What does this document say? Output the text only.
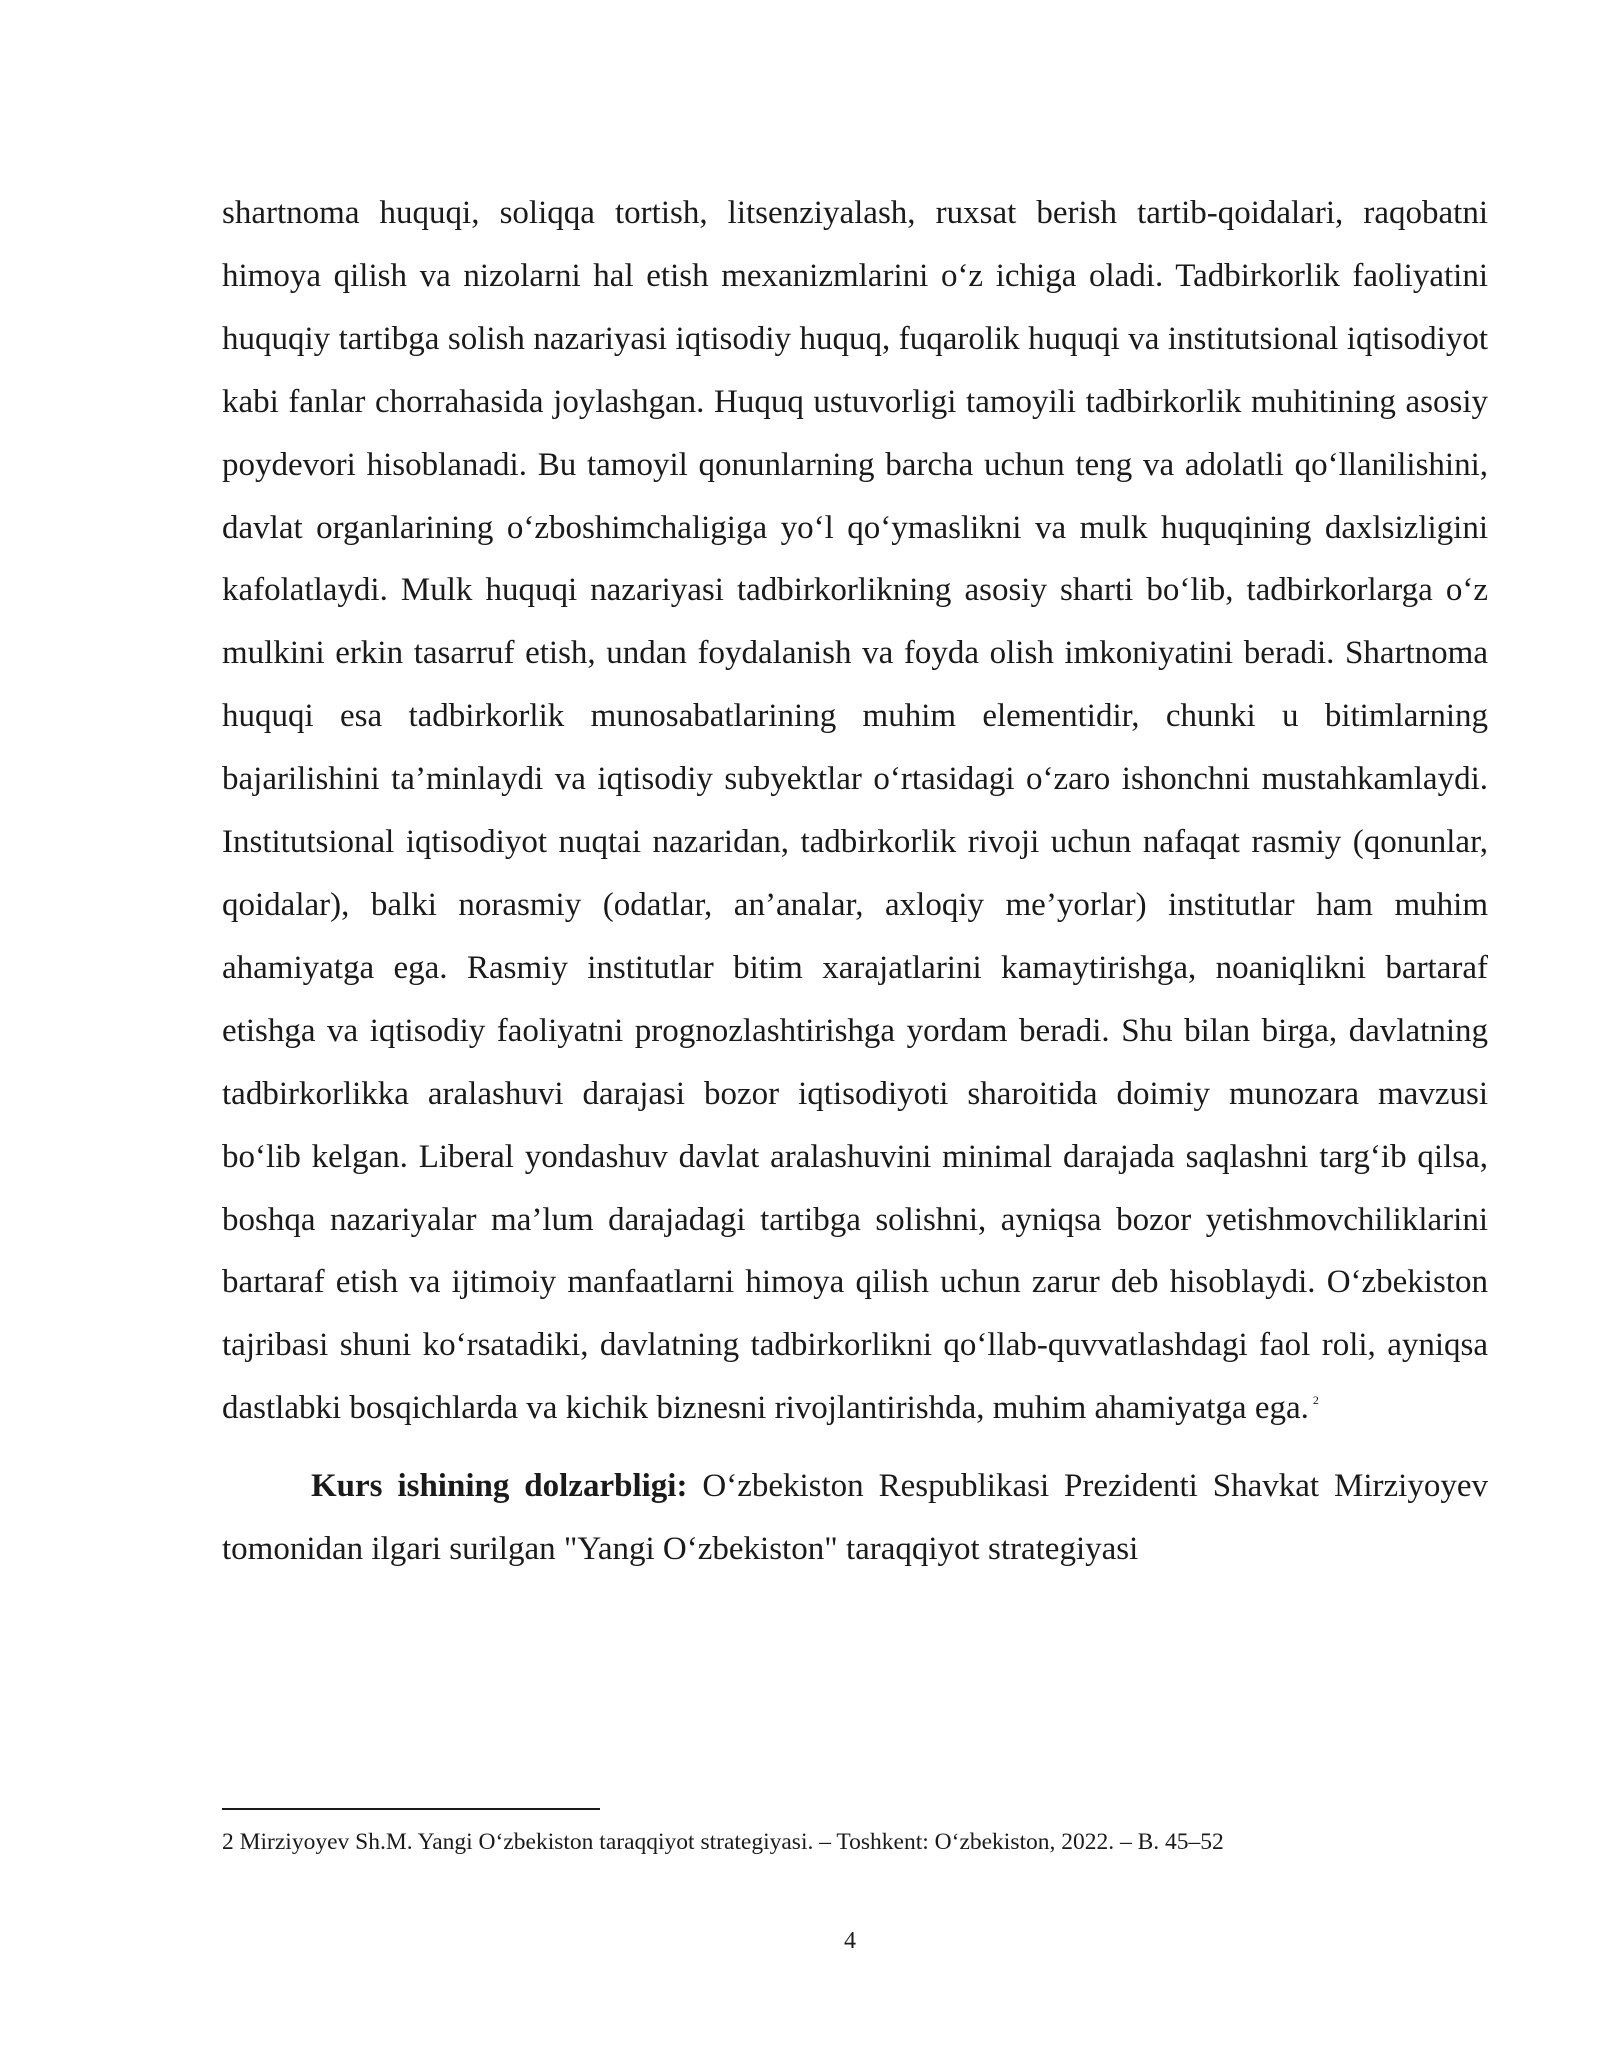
shartnoma huquqi, soliqqa tortish, litsenziyalash, ruxsat berish tartib-qoidalari, raqobatni himoya qilish va nizolarni hal etish mexanizmlarini oʻz ichiga oladi. Tadbirkorlik faoliyatini huquqiy tartibga solish nazariyasi iqtisodiy huquq, fuqarolik huquqi va institutsional iqtisodiyot kabi fanlar chorrahasida joylashgan. Huquq ustuvorligi tamoyili tadbirkorlik muhitining asosiy poydevori hisoblanadi. Bu tamoyil qonunlarning barcha uchun teng va adolatli qoʻllanilishini, davlat organlarining oʻzboshimchaligiga yoʻl qoʻymaslikni va mulk huquqining daxlsizligini kafolatlaydi. Mulk huquqi nazariyasi tadbirkorlikning asosiy sharti boʻlib, tadbirkorlarga oʻz mulkini erkin tasarruf etish, undan foydalanish va foyda olish imkoniyatini beradi. Shartnoma huquqi esa tadbirkorlik munosabatlarining muhim elementidir, chunki u bitimlarning bajarilishini ta’minlaydi va iqtisodiy subyektlar oʻrtasidagi oʻzaro ishonchni mustahkamlaydi. Institutsional iqtisodiyot nuqtai nazaridan, tadbirkorlik rivoji uchun nafaqat rasmiy (qonunlar, qoidalar), balki norasmiy (odatlar, an’analar, axloqiy me’yorlar) institutlar ham muhim ahamiyatga ega. Rasmiy institutlar bitim xarajatlarini kamaytirishga, noaniqlikni bartaraf etishga va iqtisodiy faoliyatni prognozlashtirishga yordam beradi. Shu bilan birga, davlatning tadbirkorlikka aralashuvi darajasi bozor iqtisodiyoti sharoitida doimiy munozara mavzusi boʻlib kelgan. Liberal yondashuv davlat aralashuvini minimal darajada saqlashni targʻib qilsa, boshqa nazariyalar ma’lum darajadagi tartibga solishni, ayniqsa bozor yetishmovchiliklarini bartaraf etish va ijtimoiy manfaatlarni himoya qilish uchun zarur deb hisoblaydi. Oʻzbekiston tajribasi shuni koʻrsatadiki, davlatning tadbirkorlikni qoʻllab-quvvatlashdagi faol roli, ayniqsa dastlabki bosqichlarda va kichik biznesni rivojlantirishda, muhim ahamiyatga ega. $^2$

Kurs ishining dolzarbligi: Oʻzbekiston Respublikasi Prezidenti Shavkat Mirziyoyev tomonidan ilgari surilgan "Yangi Oʻzbekiston" taraqqiyot strategiyasi

2 Mirziyoyev Sh.M. Yangi Oʻzbekiston taraqqiyot strategiyasi. – Toshkent: Oʻzbekiston, 2022. – B. 45–52
4
